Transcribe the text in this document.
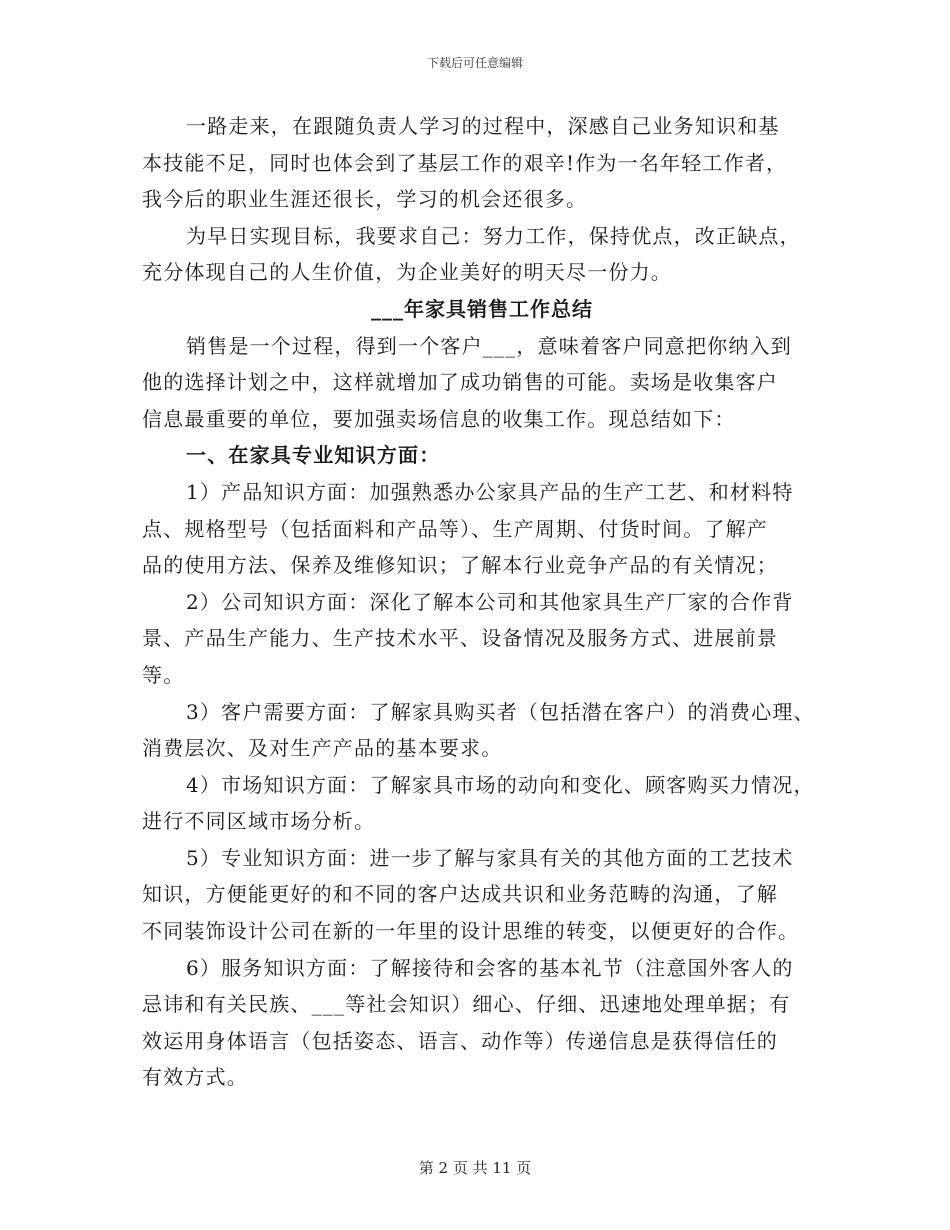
下载后可任意编辑
一路走来，在跟随负责人学习的过程中，深感自己业务知识和基
本技能不足，同时也体会到了基层工作的艰辛!作为一名年轻工作者，
我今后的职业生涯还很长，学习的机会还很多。
为早日实现目标，我要求自己：努力工作，保持优点，改正缺点，
充分体现自己的人生价值，为企业美好的明天尽一份力。
___年家具销售工作总结
销售是一个过程，得到一个客户___，意味着客户同意把你纳入到
他的选择计划之中，这样就增加了成功销售的可能。卖场是收集客户
信息最重要的单位，要加强卖场信息的收集工作。现总结如下：
一、在家具专业知识方面：
1）产品知识方面：加强熟悉办公家具产品的生产工艺、和材料特
点、规格型号（包括面料和产品等）、生产周期、付货时间。了解产
品的使用方法、保养及维修知识；了解本行业竞争产品的有关情况；
2）公司知识方面：深化了解本公司和其他家具生产厂家的合作背
景、产品生产能力、生产技术水平、设备情况及服务方式、进展前景
等。
3）客户需要方面：了解家具购买者（包括潜在客户）的消费心理、
消费层次、及对生产产品的基本要求。
4）市场知识方面：了解家具市场的动向和变化、顾客购买力情况，
进行不同区域市场分析。
5）专业知识方面：进一步了解与家具有关的其他方面的工艺技术
知识，方便能更好的和不同的客户达成共识和业务范畴的沟通，了解
不同装饰设计公司在新的一年里的设计思维的转变，以便更好的合作。
6）服务知识方面：了解接待和会客的基本礼节（注意国外客人的
忌讳和有关民族、___等社会知识）细心、仔细、迅速地处理单据；有
效运用身体语言（包括姿态、语言、动作等）传递信息是获得信任的
有效方式。
第 2 页 共 11 页
